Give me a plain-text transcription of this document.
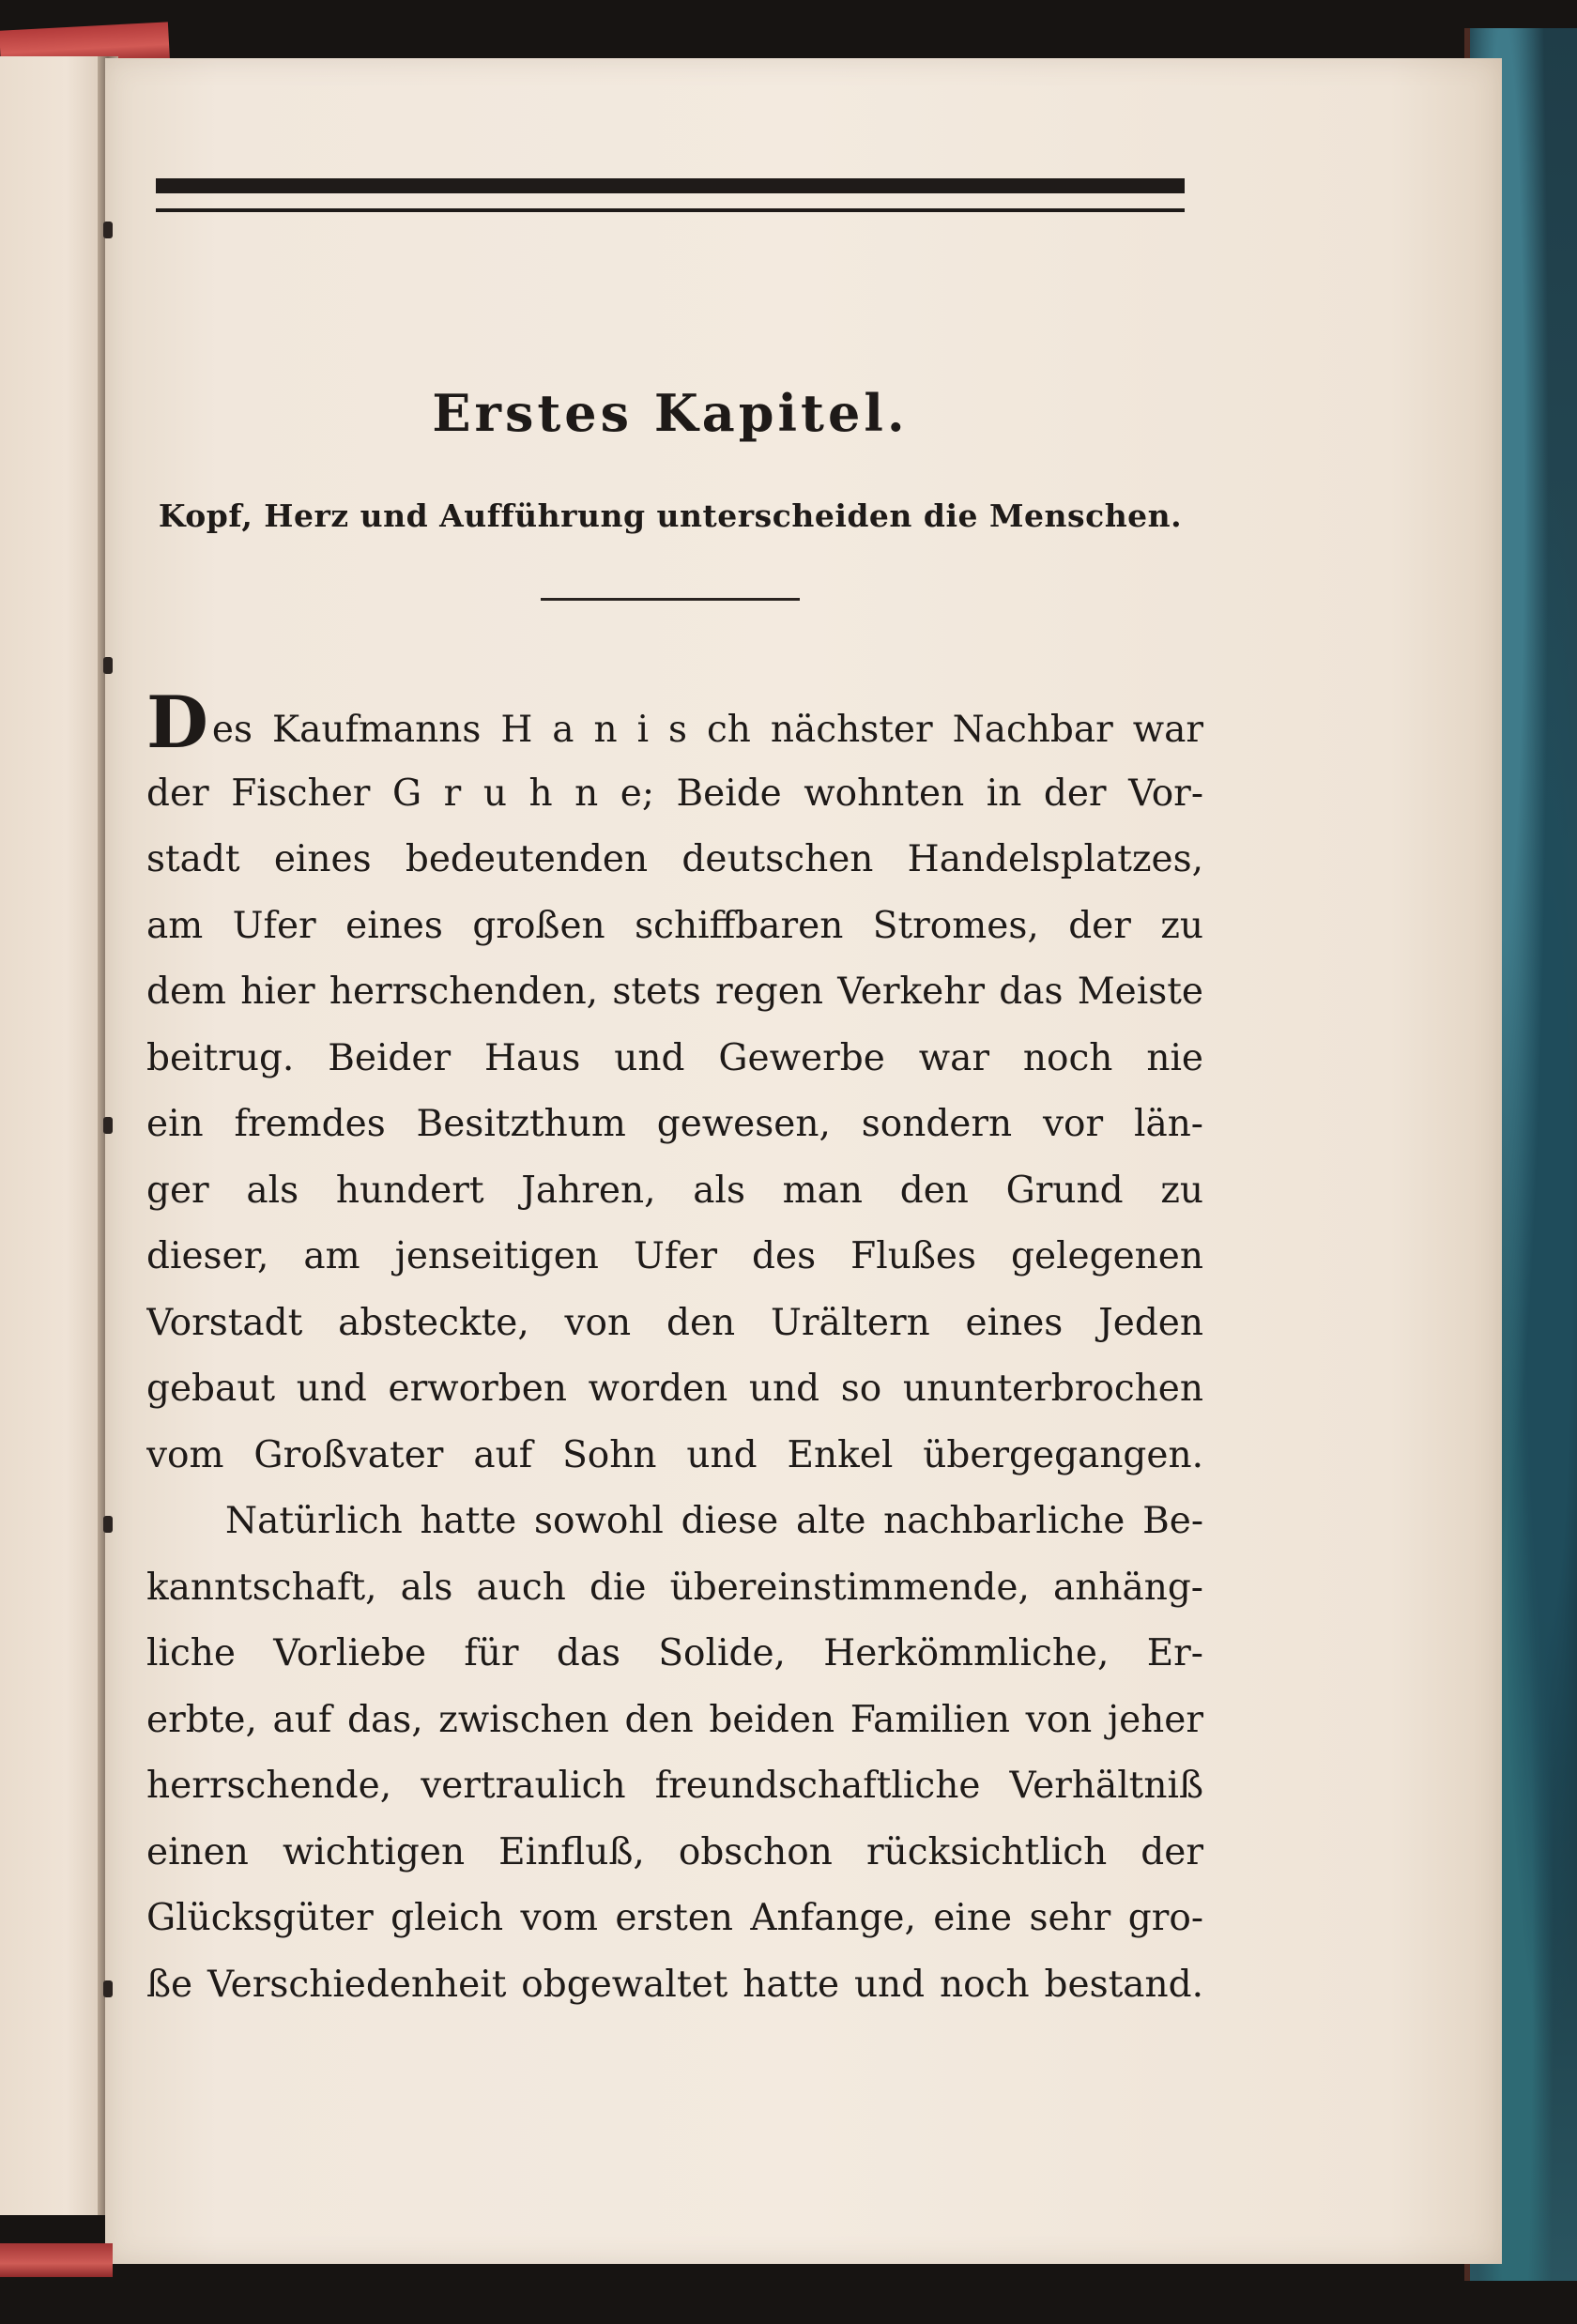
Erstes Kapitel.
Kopf, Herz und Aufführung unterscheiden die Menschen.
Des Kaufmanns H a n i s ch nächster Nachbar war
der Fischer G r u h n e; Beide wohnten in der Vor-
stadt eines bedeutenden deutschen Handelsplatzes,
am Ufer eines großen schiffbaren Stromes, der zu
dem hier herrschenden, stets regen Verkehr das Meiste
beitrug. Beider Haus und Gewerbe war noch nie
ein fremdes Besitzthum gewesen, sondern vor län-
ger als hundert Jahren, als man den Grund zu
dieser, am jenseitigen Ufer des Flußes gelegenen
Vorstadt absteckte, von den Urältern eines Jeden
gebaut und erworben worden und so ununterbrochen
vom Großvater auf Sohn und Enkel übergegangen.
Natürlich hatte sowohl diese alte nachbarliche Be-
kanntschaft, als auch die übereinstimmende, anhäng-
liche Vorliebe für das Solide, Herkömmliche, Er-
erbte, auf das, zwischen den beiden Familien von jeher
herrschende, vertraulich freundschaftliche Verhältniß
einen wichtigen Einfluß, obschon rücksichtlich der
Glücksgüter gleich vom ersten Anfange, eine sehr gro-
ße Verschiedenheit obgewaltet hatte und noch bestand.
